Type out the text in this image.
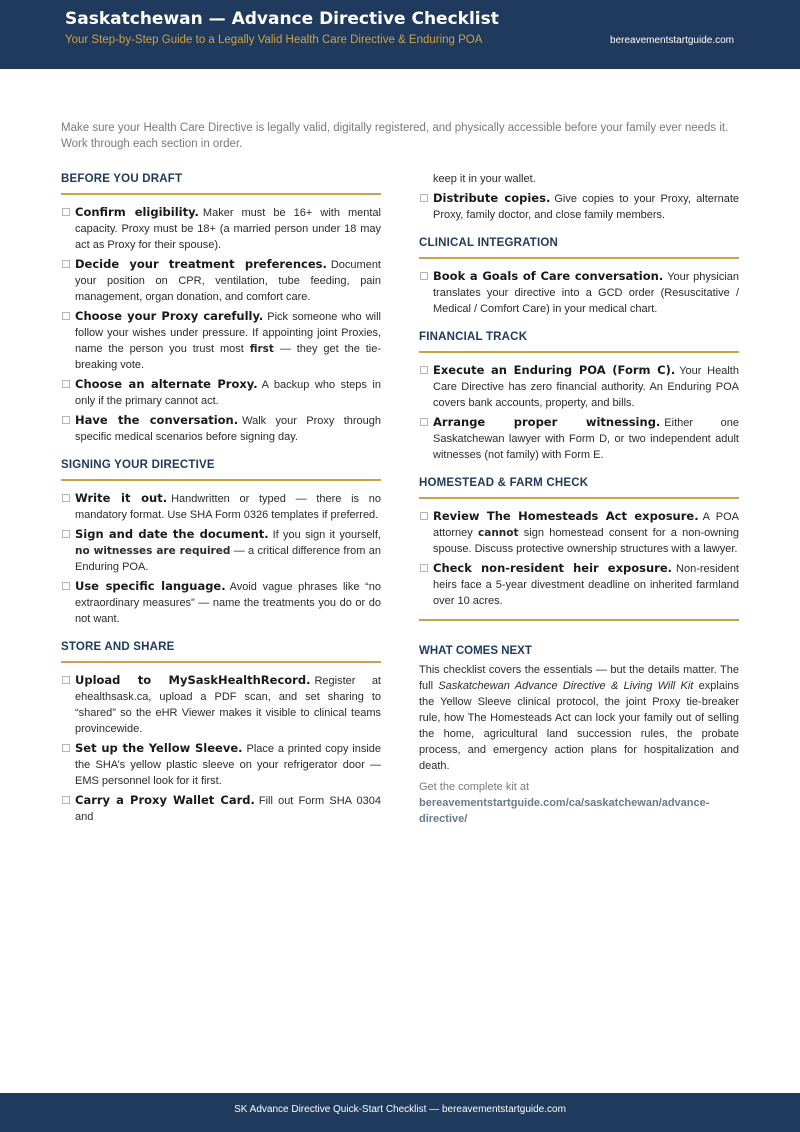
Saskatchewan — Advance Directive Checklist
Your Step-by-Step Guide to a Legally Valid Health Care Directive & Enduring POA	bereavementstartguide.com

Make sure your Health Care Directive is legally valid, digitally registered, and physically accessible before your family ever needs it. Work through each section in order.

BEFORE YOU DRAFT
Confirm eligibility. Maker must be 16+ with mental capacity. Proxy must be 18+ (a married person under 18 may act as Proxy for their spouse).
Decide your treatment preferences. Document your position on CPR, ventilation, tube feeding, pain management, organ donation, and comfort care.
Choose your Proxy carefully. Pick someone who will follow your wishes under pressure. If appointing joint Proxies, name the person you trust most first — they get the tie-breaking vote.
Choose an alternate Proxy. A backup who steps in only if the primary cannot act.
Have the conversation. Walk your Proxy through specific medical scenarios before signing day.
SIGNING YOUR DIRECTIVE
Write it out. Handwritten or typed — there is no mandatory format. Use SHA Form 0326 templates if preferred.
Sign and date the document. If you sign it yourself, no witnesses are required — a critical difference from an Enduring POA.
Use specific language. Avoid vague phrases like “no extraordinary measures” — name the treatments you do or do not want.
STORE AND SHARE
Upload to MySaskHealthRecord. Register at ehealthsask.ca, upload a PDF scan, and set sharing to “shared” so the eHR Viewer makes it visible to clinical teams provincewide.
Set up the Yellow Sleeve. Place a printed copy inside the SHA’s yellow plastic sleeve on your refrigerator door — EMS personnel look for it first.
Carry a Proxy Wallet Card. Fill out Form SHA 0304 and
keep it in your wallet.
Distribute copies. Give copies to your Proxy, alternate Proxy, family doctor, and close family members.
CLINICAL INTEGRATION
Book a Goals of Care conversation. Your physician translates your directive into a GCD order (Resuscitative / Medical / Comfort Care) in your medical chart.
FINANCIAL TRACK
Execute an Enduring POA (Form C). Your Health Care Directive has zero financial authority. An Enduring POA covers bank accounts, property, and bills.
Arrange proper witnessing. Either one Saskatchewan lawyer with Form D, or two independent adult witnesses (not family) with Form E.
HOMESTEAD & FARM CHECK
Review The Homesteads Act exposure. A POA attorney cannot sign homestead consent for a non-owning spouse. Discuss protective ownership structures with a lawyer.
Check non-resident heir exposure. Non-resident heirs face a 5-year divestment deadline on inherited farmland over 10 acres.
WHAT COMES NEXT
This checklist covers the essentials — but the details matter. The full Saskatchewan Advance Directive & Living Will Kit explains the Yellow Sleeve clinical protocol, the joint Proxy tie-breaker rule, how The Homesteads Act can lock your family out of selling the home, agricultural land succession rules, the probate process, and emergency action plans for hospitalization and death.
Get the complete kit at
bereavementstartguide.com/ca/saskatchewan/advance-directive/
SK Advance Directive Quick-Start Checklist — bereavementstartguide.com
